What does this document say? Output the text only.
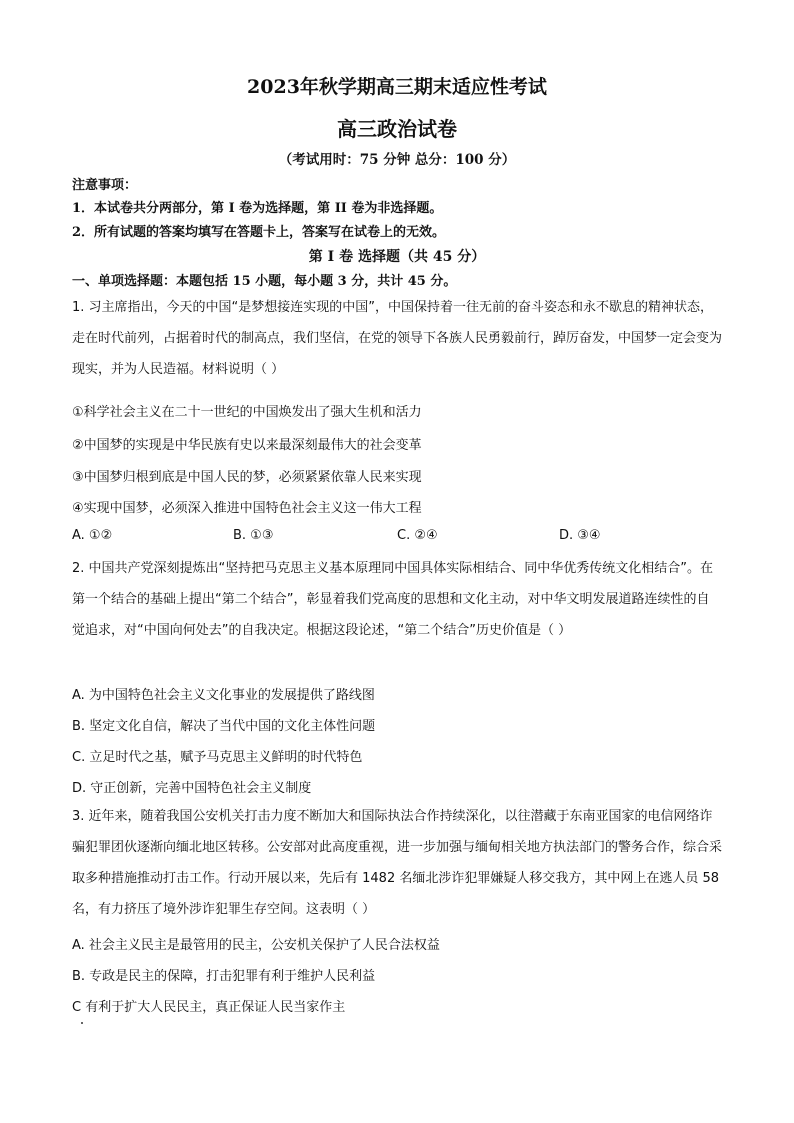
2023年秋学期高三期末适应性考试
高三政治试卷
（考试用时：75 分钟 总分：100 分）
注意事项：
1．本试卷共分两部分，第 I 卷为选择题，第 II 卷为非选择题。
2．所有试题的答案均填写在答题卡上，答案写在试卷上的无效。
第 I 卷 选择题（共 45 分）
一、单项选择题：本题包括 15 小题，每小题 3 分，共计 45 分。

1. 习主席指出，今天的中国“是梦想接连实现的中国”，中国保持着一往无前的奋斗姿态和永不歇息的精神状态，走在时代前列，占据着时代的制高点，我们坚信，在党的领导下各族人民勇毅前行，踔厉奋发，中国梦一定会变为现实，并为人民造福。材料说明（ ）

①科学社会主义在二十一世纪的中国焕发出了强大生机和活力
②中国梦的实现是中华民族有史以来最深刻最伟大的社会变革
③中国梦归根到底是中国人民的梦，必须紧紧依靠人民来实现
④实现中国梦，必须深入推进中国特色社会主义这一伟大工程
A. ①②	B. ①③	C. ②④	D. ③④

2. 中国共产党深刻提炼出“坚持把马克思主义基本原理同中国具体实际相结合、同中华优秀传统文化相结合”。在第一个结合的基础上提出“第二个结合”，彰显着我们党高度的思想和文化主动，对中华文明发展道路连续性的自觉追求，对“中国向何处去”的自我决定。根据这段论述，“第二个结合”历史价值是（ ）

A. 为中国特色社会主义文化事业的发展提供了路线图
B. 坚定文化自信，解决了当代中国的文化主体性问题
C. 立足时代之基，赋予马克思主义鲜明的时代特色
D. 守正创新，完善中国特色社会主义制度

3. 近年来，随着我国公安机关打击力度不断加大和国际执法合作持续深化，以往潜藏于东南亚国家的电信网络诈骗犯罪团伙逐渐向缅北地区转移。公安部对此高度重视，进一步加强与缅甸相关地方执法部门的警务合作，综合采取多种措施推动打击工作。行动开展以来，先后有 1482 名缅北涉诈犯罪嫌疑人移交我方，其中网上在逃人员 58 名，有力挤压了境外涉诈犯罪生存空间。这表明（ ）

A. 社会主义民主是最管用的民主，公安机关保护了人民合法权益
B. 专政是民主的保障，打击犯罪有利于维护人民利益
C 有利于扩大人民民主，真正保证人民当家作主
